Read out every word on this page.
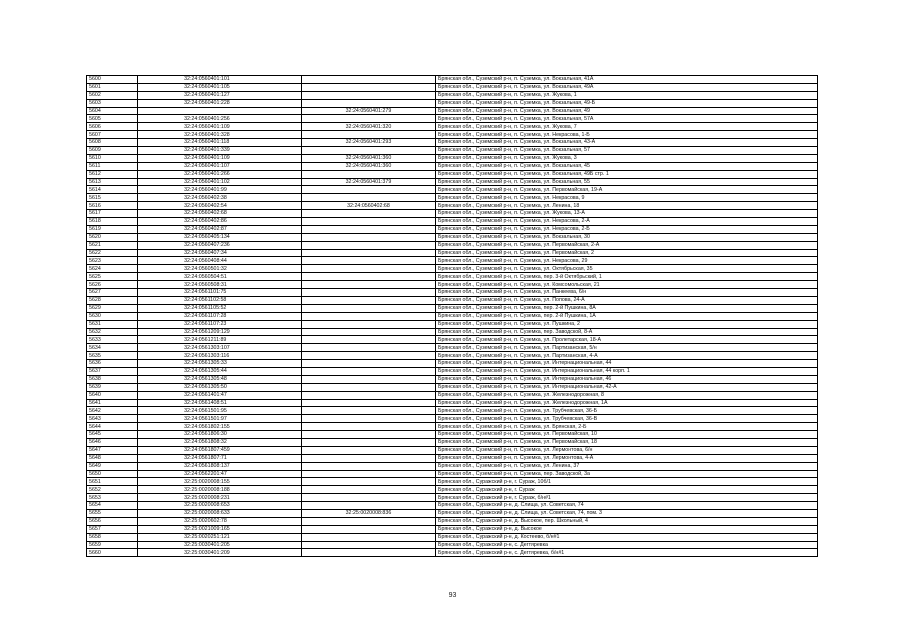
5600	32:24:0560401:101		Брянская обл., Суземский р-н, п. Суземка, ул. Вокзальная, 41А
5601	32:24:0560401:105		Брянская обл., Суземский р-н, п. Суземка, ул. Вокзальная, 49А
5602	32:24:0560401:127		Брянская обл., Суземский р-н, п. Суземка, ул. Жукова, 1
5603	32:24:0560401:228		Брянская обл., Суземский р-н, п. Суземка, ул. Вокзальная, 49-Б
5604		32:24:0560401:279	Брянская обл., Суземский р-н, п. Суземка, ул. Вокзальная, 49
5605	32:24:0560401:256		Брянская обл., Суземский р-н, п. Суземка, ул. Вокзальная, 57А
5606	32:24:0560401:109	32:24:0560401:320	Брянская обл., Суземский р-н, п. Суземка, ул. Жукова, 7
5607	32:24:0560401:328		Брянская обл., Суземский р-н, п. Суземка, ул. Некрасова, 1-Б
5608	32:24:0560401:118	32:24:0560401:293	Брянская обл., Суземский р-н, п. Суземка, ул. Вокзальная, 43-А
5609	32:24:0560401:339		Брянская обл., Суземский р-н, п. Суземка, ул. Вокзальная, 57
5610	32:24:0560401:109	32:24:0560401:360	Брянская обл., Суземский р-н, п. Суземка, ул. Жукова, 3
5611	32:24:0560401:107	32:24:0560401:360	Брянская обл., Суземский р-н, п. Суземка, ул. Вокзальная, 45
5612	32:24:0560401:266		Брянская обл., Суземский р-н, п. Суземка, ул. Вокзальная, 49Б стр. 1
5613	32:24:0560401:102	32:24:0560401:379	Брянская обл., Суземский р-н, п. Суземка, ул. Вокзальная, 55
5614	32:24:0560401:99		Брянская обл., Суземский р-н, п. Суземка, ул. Первомайская, 19-А
5615	32:24:0560402:38		Брянская обл., Суземский р-н, п. Суземка, ул. Некрасова, 9
5616	32:24:0560402:54	32:24:0560402:68	Брянская обл., Суземский р-н, п. Суземка, ул. Ленина, 18
5617	32:24:0560402:68		Брянская обл., Суземский р-н, п. Суземка, ул. Жукова, 13-А
5618	32:24:0560402:86		Брянская обл., Суземский р-н, п. Суземка, ул. Некрасова, 2-А
5619	32:24:0560402:87		Брянская обл., Суземский р-н, п. Суземка, ул. Некрасова, 2-Б
5620	32:24:0560405:134		Брянская обл., Суземский р-н, п. Суземка, ул. Вокзальная, 30
5621	32:24:0560407:236		Брянская обл., Суземский р-н, п. Суземка, ул. Первомайская, 2-А
5622	32:24:0560407:34		Брянская обл., Суземский р-н, п. Суземка, ул. Первомайская, 2
5623	32:24:0560408:44		Брянская обл., Суземский р-н, п. Суземка, ул. Некрасова, 29
5624	32:24:0560501:32		Брянская обл., Суземский р-н, п. Суземка, ул. Октябрьская, 35
5625	32:24:0560504:51		Брянская обл., Суземский р-н, п. Суземка, пер. 3-й Октябрьский, 1
5626	32:24:0560508:31		Брянская обл., Суземский р-н, п. Суземка, ул. Комсомольская, 21
5627	32:24:0561101:75		Брянская обл., Суземский р-н, п. Суземка, ул. Панкеева, 6/н
5628	32:24:0561102:58		Брянская обл., Суземский р-н, п. Суземка, ул. Попова, 24-А
5629	32:24:0561105:52		Брянская обл., Суземский р-н, п. Суземка, пер. 2-й Пушкина, 8А
5630	32:24:0561107:28		Брянская обл., Суземский р-н, п. Суземка, пер. 2-й Пушкина, 1А
5631	32:24:0561107:23		Брянская обл., Суземский р-н, п. Суземка, ул. Пушкина, 2
5632	32:24:0561209:129		Брянская обл., Суземский р-н, п. Суземка, пер. Заводской, 8-А
5633	32:24:0561211:89		Брянская обл., Суземский р-н, п. Суземка, ул. Пролетарская, 18-А
5634	32:24:0561303:107		Брянская обл., Суземский р-н, п. Суземка, ул. Партизанская, 5/н
5635	32:24:0561303:116		Брянская обл., Суземский р-н, п. Суземка, ул. Партизанская, 4-А
5636	32:24:0561305:33		Брянская обл., Суземский р-н, п. Суземка, ул. Интернациональная, 44
5637	32:24:0561305:44		Брянская обл., Суземский р-н, п. Суземка, ул. Интернациональная, 44 корп. 1
5638	32:24:0561305:48		Брянская обл., Суземский р-н, п. Суземка, ул. Интернациональная, 46
5639	32:24:0561305:50		Брянская обл., Суземский р-н, п. Суземка, ул. Интернациональная, 42-А
5640	32:24:0561401:47		Брянская обл., Суземский р-н, п. Суземка, ул. Железнодорожная, 8
5641	32:24:0561408:51		Брянская обл., Суземский р-н, п. Суземка, ул. Железнодорожная, 1А
5642	32:24:0561501:95		Брянская обл., Суземский р-н, п. Суземка, ул. Трубчевская, 36-Б
5643	32:24:0561501:97		Брянская обл., Суземский р-н, п. Суземка, ул. Трубчевская, 36-В
5644	32:24:0561802:155		Брянская обл., Суземский р-н, п. Суземка, ул. Брянская, 2-Б
5645	32:24:0561806:30		Брянская обл., Суземский р-н, п. Суземка, ул. Первомайская, 10
5646	32:24:0561808:32		Брянская обл., Суземский р-н, п. Суземка, ул. Первомайская, 18
5647	32:24:0561807:459		Брянская обл., Суземский р-н, п. Суземка, ул. Лермонтова, 6/н
5648	32:24:0561807:71		Брянская обл., Суземский р-н, п. Суземка, ул. Лермонтова, 4-А
5649	32:24:0561808:137		Брянская обл., Суземский р-н, п. Суземка, ул. Ленина, 37
5650	32:24:0562201:47		Брянская обл., Суземский р-н, п. Суземка, пер. Заводской, 3а
5651	32:25:0020008:155		Брянская обл., Суражский р-н, г. Сураж, 10б/1
5652	32:25:0020008:188		Брянская обл., Суражский р-н, г. Сураж
5653	32:25:0020008:231		Брянская обл., Суражский р-н, г. Сураж, б/н#1
5654	32:25:0020008:653		Брянская обл., Суражский р-н, д. Слища, ул. Советская, 74
5655	32:25:0020008:633	32:25:0020008:836	Брянская обл., Суражский р-н, д. Слища, ул. Советская, 74, пом. 3
5656	32:25:0020602:78		Брянская обл., Суражский р-н, д. Высокое, пер. Школьный, 4
5657	32:25:0021009:165		Брянская обл., Суражский р-н, д. Высокое
5658	32:25:0020251:121		Брянская обл., Суражский р-н, д. Костеево, б/н#1
5659	32:25:0030401:205		Брянская обл., Суражский р-н, с. Дегтяревка
5660	32:25:0030401:209		Брянская обл., Суражский р-н, с. Дегтяревка, б/н#1
93
